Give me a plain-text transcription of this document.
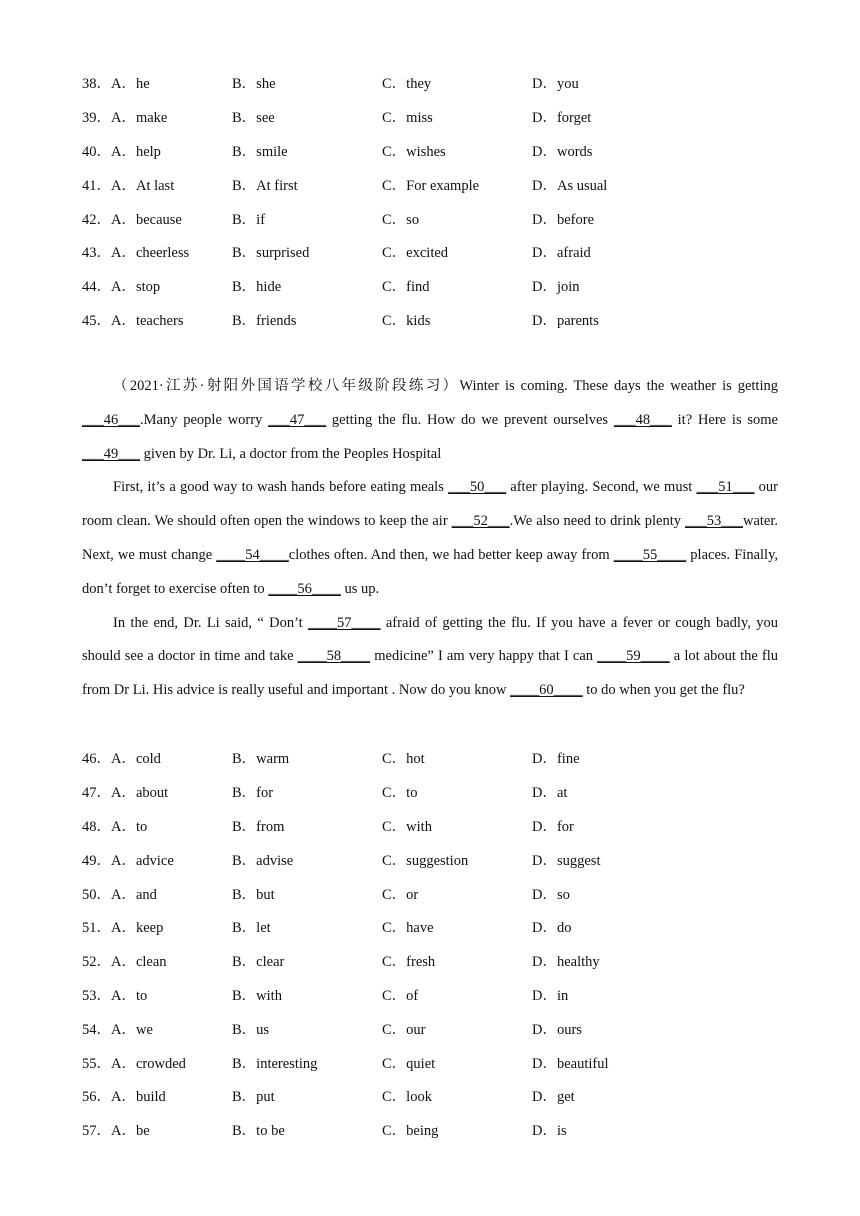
38．A．he	B．she	C．they	D．you
39．A．make	B．see	C．miss	D．forget
40．A．help	B．smile	C．wishes	D．words
41．A．At last	B．At first	C．For example	D．As usual
42．A．because	B．if	C．so	D．before
43．A．cheerless	B．surprised	C．excited	D．afraid
44．A．stop	B．hide	C．find	D．join
45．A．teachers	B．friends	C．kids	D．parents

（2021·江苏·射阳外国语学校八年级阶段练习）Winter is coming. These days the weather is getting ___46___.Many people worry ___47___ getting the flu. How do we prevent ourselves ___48___ it? Here is some ___49___ given by Dr. Li, a doctor from the Peoples Hospital

First, it’s a good way to wash hands before eating meals ___50___ after playing. Second, we must ___51___ our room clean. We should often open the windows to keep the air ___52___.We also need to drink plenty ___53___water. Next, we must change ____54____clothes often. And then, we had better keep away from ____55____ places. Finally, don’t forget to exercise often to ____56____ us up.

In the end, Dr. Li said, “ Don’t ____57____ afraid of getting the flu. If you have a fever or cough badly, you should see a doctor in time and take ____58____ medicine” I am very happy that I can ____59____ a lot about the flu from Dr Li. His advice is really useful and important . Now do you know ____60____ to do when you get the flu?

46．A．cold	B．warm	C．hot	D．fine
47．A．about	B．for	C．to	D．at
48．A．to	B．from	C．with	D．for
49．A．advice	B．advise	C．suggestion	D．suggest
50．A．and	B．but	C．or	D．so
51．A．keep	B．let	C．have	D．do
52．A．clean	B．clear	C．fresh	D．healthy
53．A．to	B．with	C．of	D．in
54．A．we	B．us	C．our	D．ours
55．A．crowded	B．interesting	C．quiet	D．beautiful
56．A．build	B．put	C．look	D．get
57．A．be	B．to be	C．being	D．is
